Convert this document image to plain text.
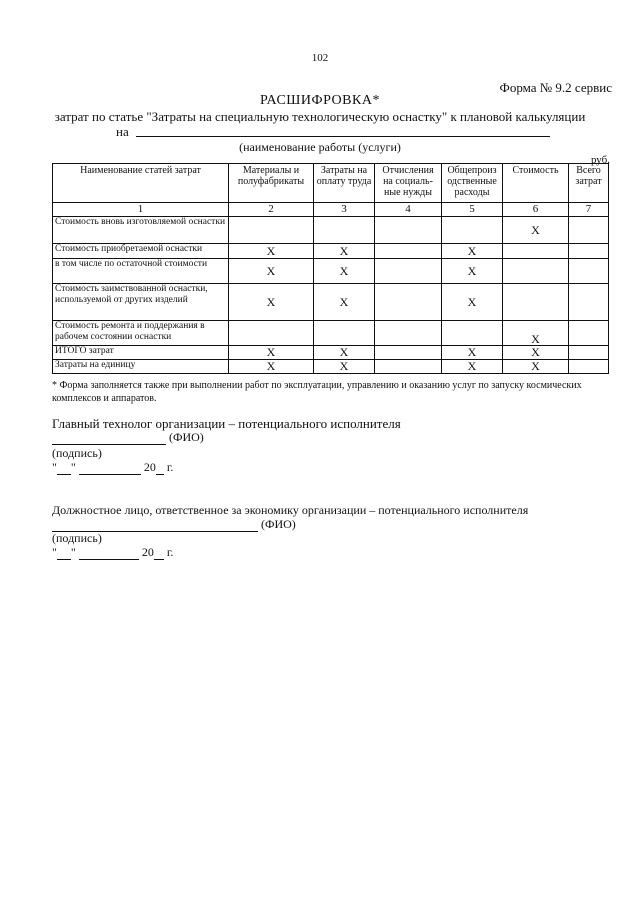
102
Форма № 9.2 сервис
РАСШИФРОВКА*
затрат по статье "Затраты на специальную технологическую оснастку" к плановой калькуляции
на
(наименование работы (услуги)
руб.
Наименование статей затрат	Материалы и полуфабрикаты	Затраты на оплату труда	Отчисления на социаль-ные нужды	Общепроиз одственные расходы	Стоимость	Всего затрат
1	2	3	4	5	6	7
Стоимость вновь изготовляемой оснастки					X	
Стоимость приобретаемой оснастки	X	X		X		
в том числе по остаточной стоимости	X	X		X		
Стоимость заимствованной оснастки, используемой от других изделий	X	X		X		
Стоимость ремонта и поддержания в рабочем состоянии оснастки					X	
ИТОГО затрат	X	X		X	X	
Затраты на единицу	X	X		X	X	
* Форма заполняется также при выполнении работ по эксплуатации, управлению и оказанию услуг по запуску космических комплексов и аппаратов.
Главный технолог организации – потенциального исполнителя
(ФИО)
(подпись)
" "	20 г.
Должностное лицо, ответственное за экономику организации – потенциального исполнителя
(ФИО)
(подпись)
" "	20 г.
